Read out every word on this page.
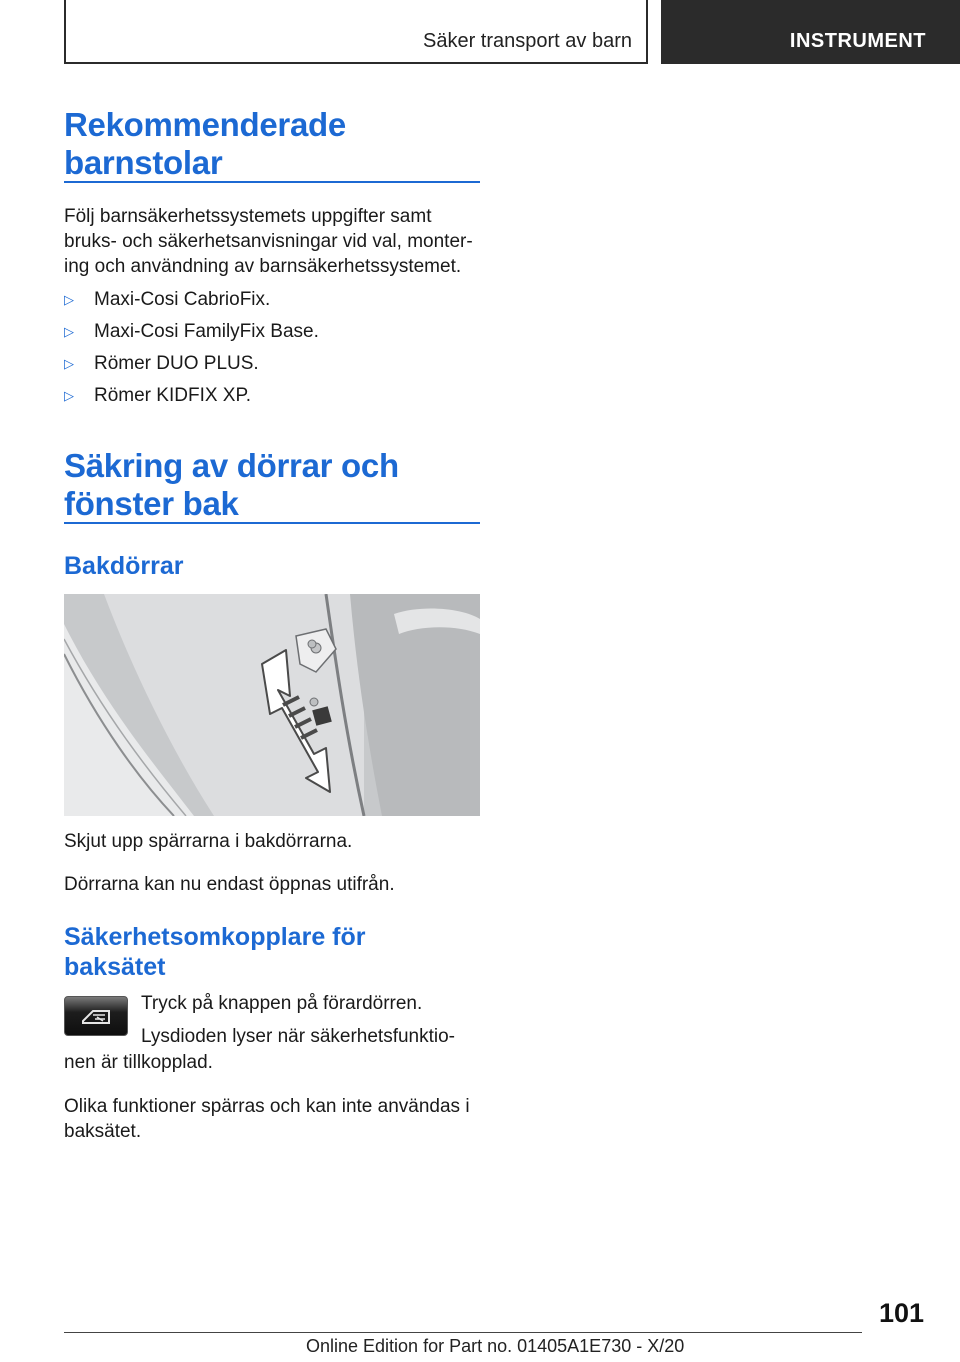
Säker transport av barn	INSTRUMENT
Rekommenderade
barnstolar
Följ barnsäkerhetssystemets uppgifter samt
bruks- och säkerhetsanvisningar vid val, monter-
ing och användning av barnsäkerhetssystemet.
▷ Maxi-Cosi CabrioFix.
▷ Maxi-Cosi FamilyFix Base.
▷ Römer DUO PLUS.
▷ Römer KIDFIX XP.
Säkring av dörrar och
fönster bak
Bakdörrar
Skjut upp spärrarna i bakdörrarna.
Dörrarna kan nu endast öppnas utifrån.
Säkerhetsomkopplare för
baksätet
Tryck på knappen på förardörren.
Lysdioden lyser när säkerhetsfunktio-
nen är tillkopplad.
Olika funktioner spärras och kan inte användas i
baksätet.
101
Online Edition for Part no. 01405A1E730 - X/20
